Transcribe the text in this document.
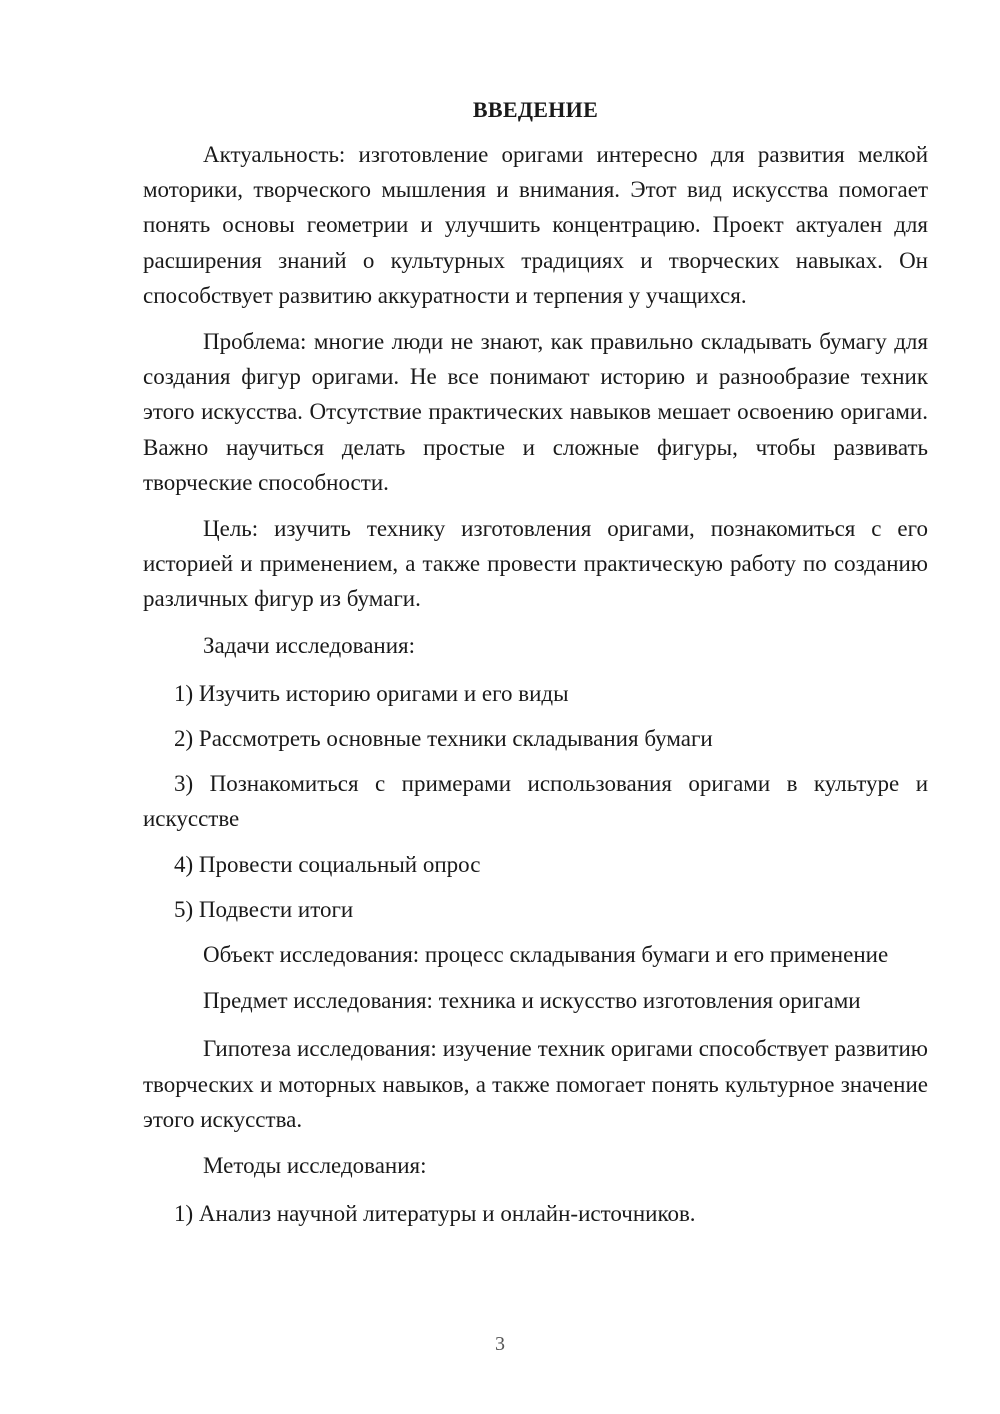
ВВЕДЕНИЕ

Актуальность: изготовление оригами интересно для развития мелкой моторики, творческого мышления и внимания. Этот вид искусства помогает понять основы геометрии и улучшить концентрацию. Проект актуален для расширения знаний о культурных традициях и творческих навыках. Он способствует развитию аккуратности и терпения у учащихся.

Проблема: многие люди не знают, как правильно складывать бумагу для создания фигур оригами. Не все понимают историю и разнообразие техник этого искусства. Отсутствие практических навыков мешает освоению оригами. Важно научиться делать простые и сложные фигуры, чтобы развивать творческие способности.

Цель: изучить технику изготовления оригами, познакомиться с его историей и применением, а также провести практическую работу по созданию различных фигур из бумаги.

Задачи исследования:

1) Изучить историю оригами и его виды

2) Рассмотреть основные техники складывания бумаги

3) Познакомиться с примерами использования оригами в культуре и искусстве

4) Провести социальный опрос

5) Подвести итоги

Объект исследования: процесс складывания бумаги и его применение

Предмет исследования: техника и искусство изготовления оригами

Гипотеза исследования: изучение техник оригами способствует развитию творческих и моторных навыков, а также помогает понять культурное значение этого искусства.

Методы исследования:

1) Анализ научной литературы и онлайн-источников.

3
